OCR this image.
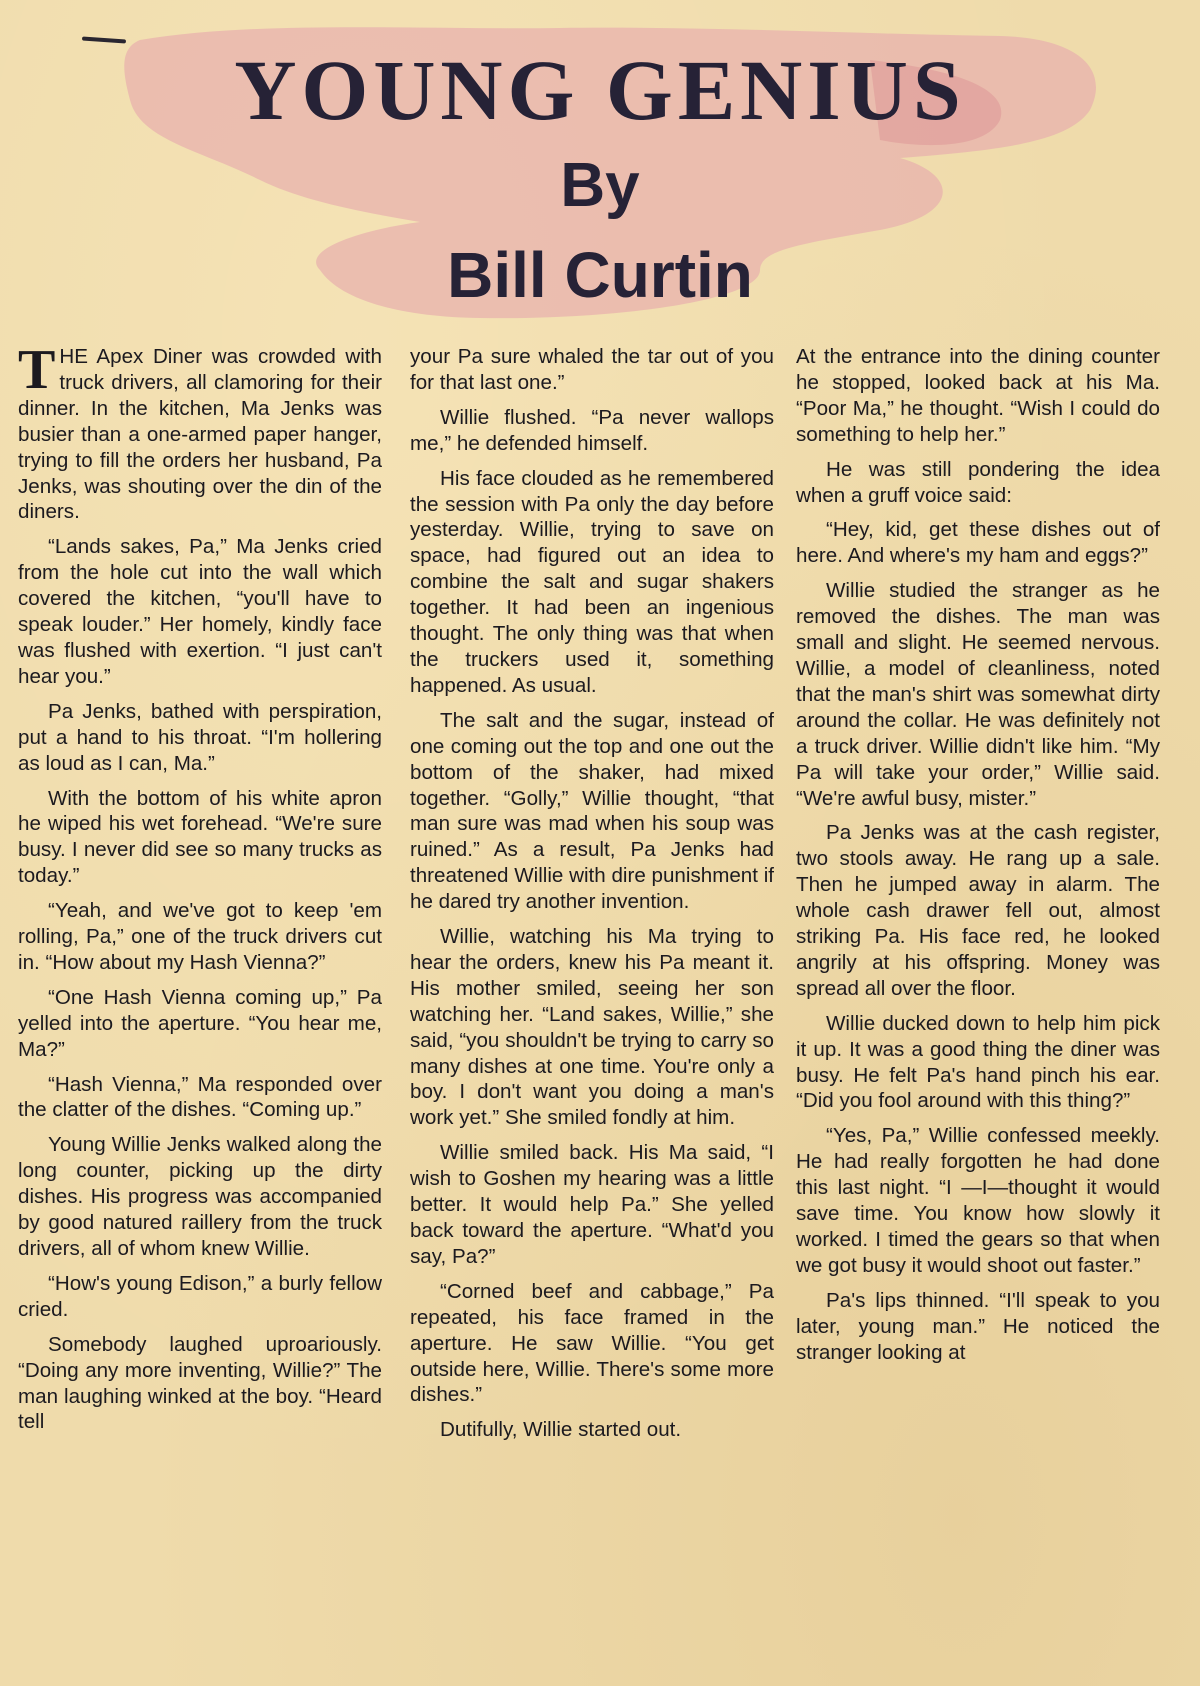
YOUNG GENIUS
By
Bill Curtin

THE Apex Diner was crowded with truck drivers, all clamoring for their dinner. In the kitchen, Ma Jenks was busier than a one-armed paper hanger, trying to fill the orders her husband, Pa Jenks, was shouting over the din of the diners.

“Lands sakes, Pa,” Ma Jenks cried from the hole cut into the wall which covered the kitchen, “you'll have to speak louder.” Her homely, kindly face was flushed with exertion. “I just can't hear you.”

Pa Jenks, bathed with perspiration, put a hand to his throat. “I'm hollering as loud as I can, Ma.”

With the bottom of his white apron he wiped his wet forehead. “We're sure busy. I never did see so many trucks as today.”

“Yeah, and we've got to keep 'em rolling, Pa,” one of the truck drivers cut in. “How about my Hash Vienna?”

“One Hash Vienna coming up,” Pa yelled into the aperture. “You hear me, Ma?”

“Hash Vienna,” Ma responded over the clatter of the dishes. “Coming up.”

Young Willie Jenks walked along the long counter, picking up the dirty dishes. His progress was accompanied by good natured raillery from the truck drivers, all of whom knew Willie.

“How's young Edison,” a burly fellow cried.

Somebody laughed uproariously. “Doing any more inventing, Willie?” The man laughing winked at the boy. “Heard tell

your Pa sure whaled the tar out of you for that last one.”

Willie flushed. “Pa never wallops me,” he defended himself.

His face clouded as he remembered the session with Pa only the day before yesterday. Willie, trying to save on space, had figured out an idea to combine the salt and sugar shakers together. It had been an ingenious thought. The only thing was that when the truckers used it, something happened. As usual.

The salt and the sugar, instead of one coming out the top and one out the bottom of the shaker, had mixed together. “Golly,” Willie thought, “that man sure was mad when his soup was ruined.” As a result, Pa Jenks had threatened Willie with dire punishment if he dared try another invention.

Willie, watching his Ma trying to hear the orders, knew his Pa meant it. His mother smiled, seeing her son watching her. “Land sakes, Willie,” she said, “you shouldn't be trying to carry so many dishes at one time. You're only a boy. I don't want you doing a man's work yet.” She smiled fondly at him.

Willie smiled back. His Ma said, “I wish to Goshen my hearing was a little better. It would help Pa.” She yelled back toward the aperture. “What'd you say, Pa?”

“Corned beef and cabbage,” Pa repeated, his face framed in the aperture. He saw Willie. “You get outside here, Willie. There's some more dishes.”

Dutifully, Willie started out.

At the entrance into the dining counter he stopped, looked back at his Ma. “Poor Ma,” he thought. “Wish I could do something to help her.”

He was still pondering the idea when a gruff voice said:

“Hey, kid, get these dishes out of here. And where's my ham and eggs?”

Willie studied the stranger as he removed the dishes. The man was small and slight. He seemed nervous. Willie, a model of cleanliness, noted that the man's shirt was somewhat dirty around the collar. He was definitely not a truck driver. Willie didn't like him. “My Pa will take your order,” Willie said. “We're awful busy, mister.”

Pa Jenks was at the cash register, two stools away. He rang up a sale. Then he jumped away in alarm. The whole cash drawer fell out, almost striking Pa. His face red, he looked angrily at his offspring. Money was spread all over the floor.

Willie ducked down to help him pick it up. It was a good thing the diner was busy. He felt Pa's hand pinch his ear. “Did you fool around with this thing?”

“Yes, Pa,” Willie confessed meekly. He had really forgotten he had done this last night. “I —I—thought it would save time. You know how slowly it worked. I timed the gears so that when we got busy it would shoot out faster.”

Pa's lips thinned. “I'll speak to you later, young man.” He noticed the stranger looking at
